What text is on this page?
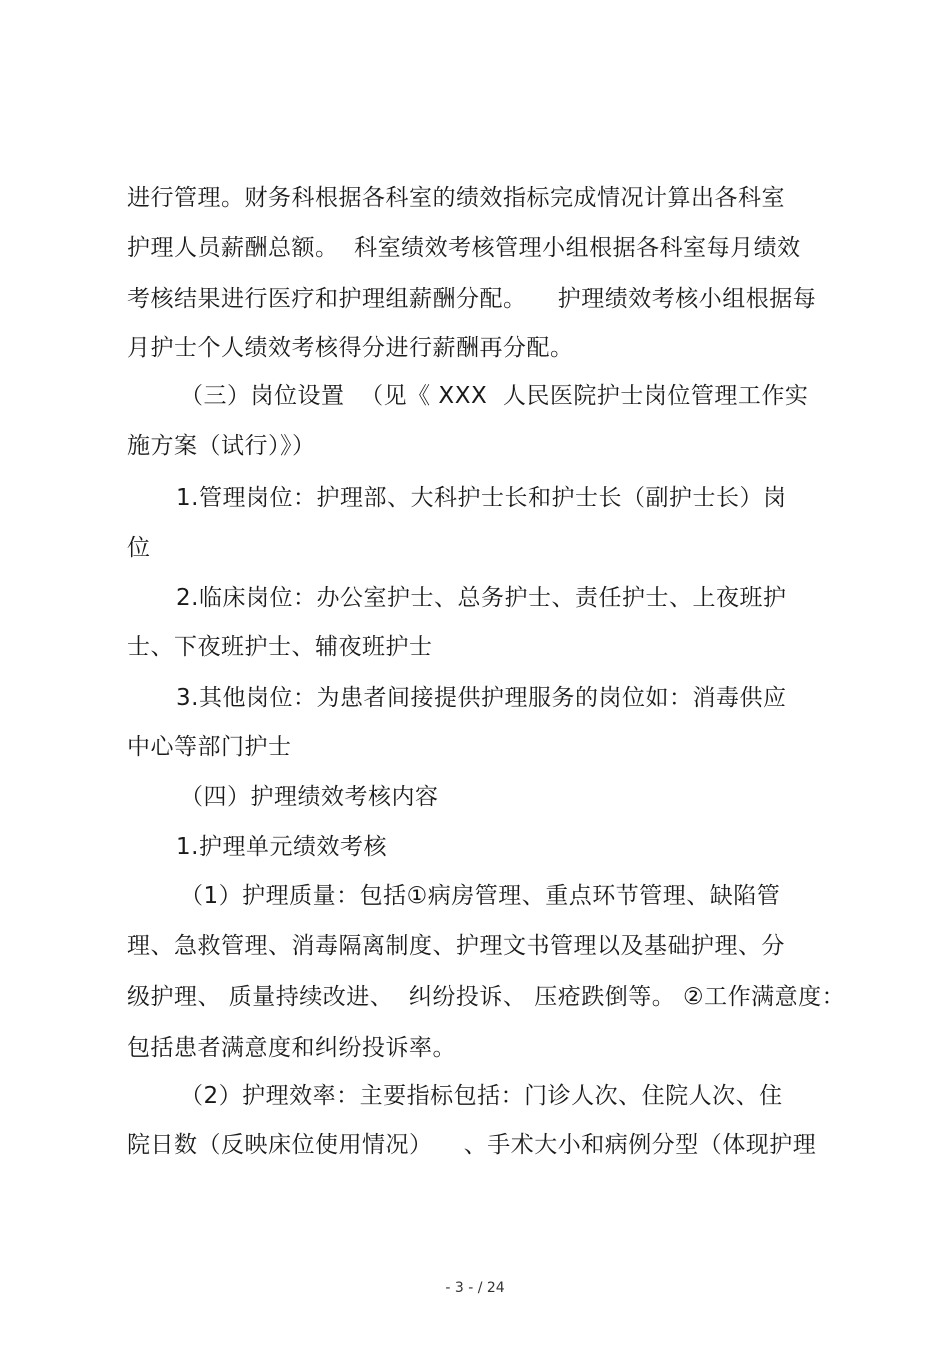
进行管理。财务科根据各科室的绩效指标完成情况计算出各科室
护理人员薪酬总额。  科室绩效考核管理小组根据各科室每月绩效
考核结果进行医疗和护理组薪酬分配。    护理绩效考核小组根据每
月护士个人绩效考核得分进行薪酬再分配。
（三）岗位设置  （见《 XXX  人民医院护士岗位管理工作实
施方案（试行）》）
1.管理岗位：护理部、大科护士长和护士长（副护士长）岗
位
2.临床岗位：办公室护士、总务护士、责任护士、上夜班护
士、下夜班护士、辅夜班护士
3.其他岗位：为患者间接提供护理服务的岗位如：消毒供应
中心等部门护士
（四）护理绩效考核内容
1.护理单元绩效考核
（1）护理质量：包括①病房管理、重点环节管理、缺陷管
理、急救管理、消毒隔离制度、护理文书管理以及基础护理、分
级护理、 质量持续改进、  纠纷投诉、 压疮跌倒等。 ②工作满意度：
包括患者满意度和纠纷投诉率。
（2）护理效率：主要指标包括：门诊人次、住院人次、住
院日数（反映床位使用情况）    、手术大小和病例分型（体现护理
- 3 - / 24
